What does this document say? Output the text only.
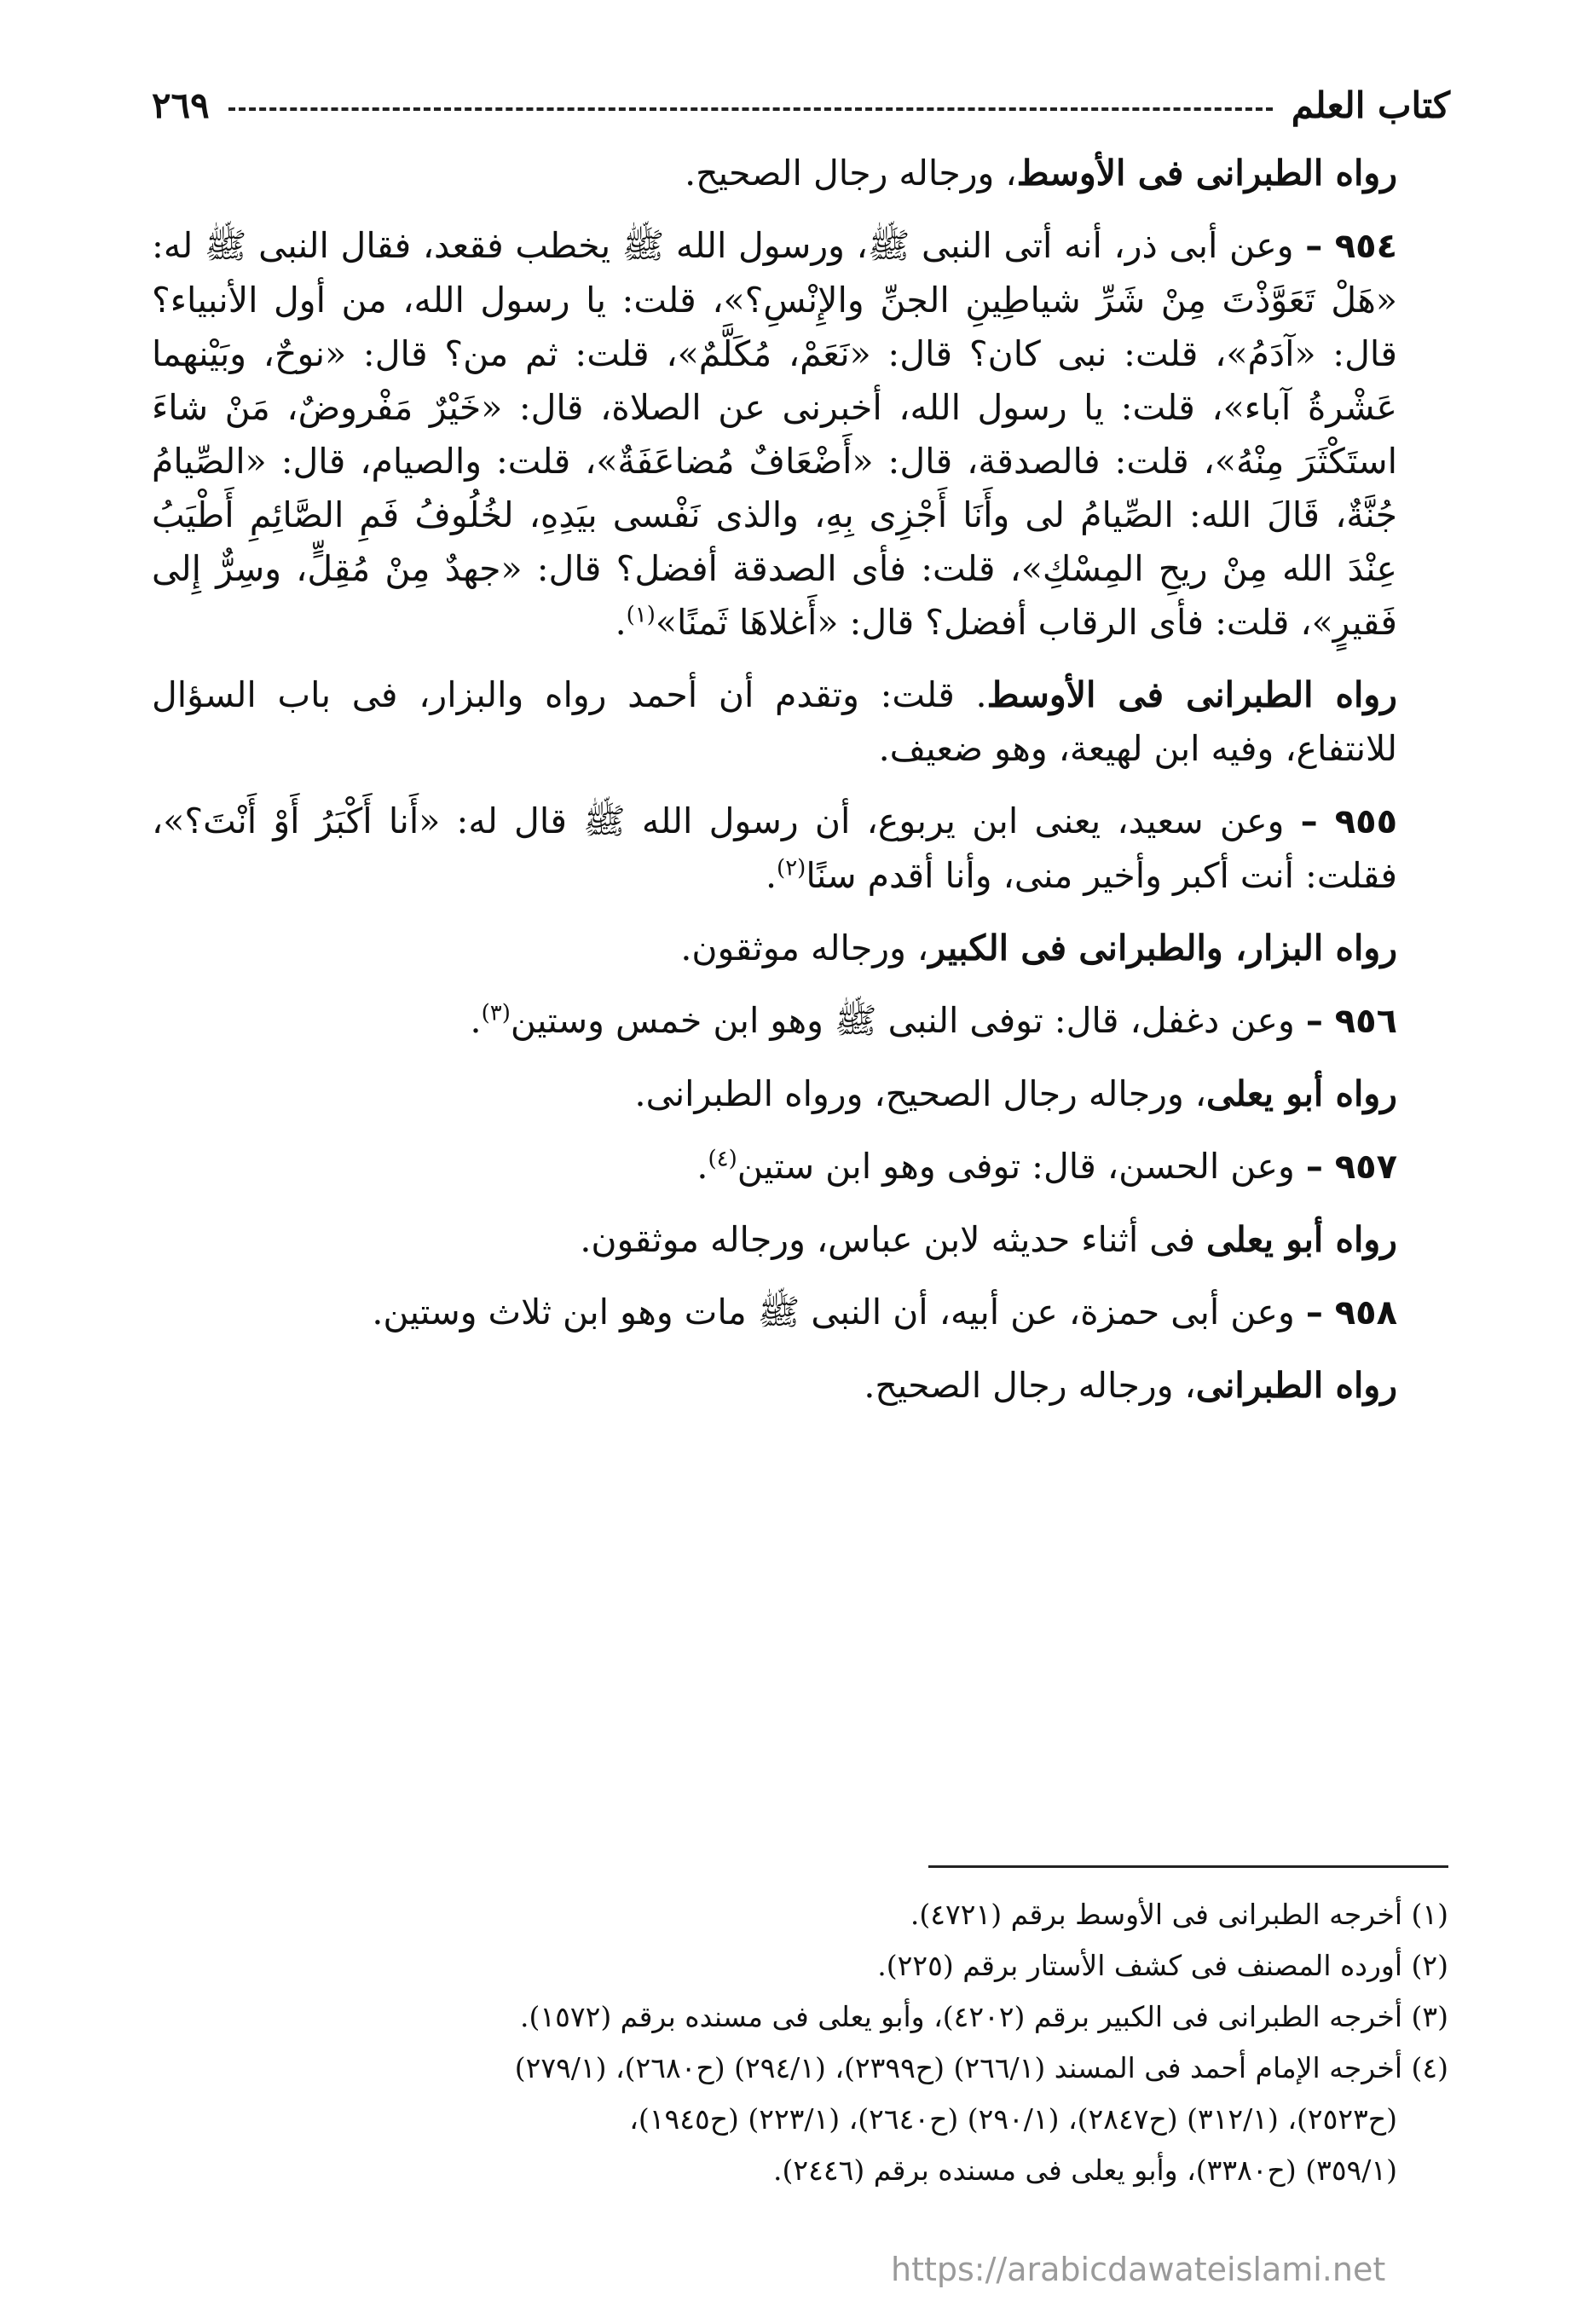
كتاب العلم
٢٦٩

رواه الطبرانى فى الأوسط، ورجاله رجال الصحيح.

٩٥٤ – وعن أبى ذر، أنه أتى النبى ﷺ، ورسول الله ﷺ يخطب فقعد، فقال النبى ﷺ له: «هَلْ تَعَوَّذْتَ مِنْ شَرِّ شياطِينِ الجنِّ والإِنْسِ؟»، قلت: يا رسول الله، من أول الأنبياء؟ قال: «آدَمُ»، قلت: نبى كان؟ قال: «نَعَمْ، مُكَلَّمٌ»، قلت: ثم من؟ قال: «نوحٌ، وبَيْنهما عَشْرةُ آباء»، قلت: يا رسول الله، أخبرنى عن الصلاة، قال: «خَيْرٌ مَفْروضٌ، مَنْ شاءَ استَكْثَرَ مِنْهُ»، قلت: فالصدقة، قال: «أَضْعَافٌ مُضاعَفَةٌ»، قلت: والصيام، قال: «الصِّيامُ جُنَّةٌ، قَالَ الله: الصِّيامُ لى وأَنَا أَجْزِى بِهِ، والذى نَفْسى بيَدِهِ، لخُلُوفُ فَمِ الصَّائِمِ أَطْيَبُ عِنْدَ الله مِنْ ريحِ المِسْكِ»، قلت: فأى الصدقة أفضل؟ قال: «جهدٌ مِنْ مُقِلٍّ، وسِرٌّ إِلى فَقيرٍ»، قلت: فأى الرقاب أفضل؟ قال: «أَغلاهَا ثَمنًا»$^{(١)}$.

رواه الطبرانى فى الأوسط. قلت: وتقدم أن أحمد رواه والبزار، فى باب السؤال للانتفاع، وفيه ابن لهيعة، وهو ضعيف.

٩٥٥ – وعن سعيد، يعنى ابن يربوع، أن رسول الله ﷺ قال له: «أَنا أَكْبَرُ أَوْ أَنْتَ؟»، فقلت: أنت أكبر وأخير منى، وأنا أقدم سنًا$^{(٢)}$.

رواه البزار، والطبرانى فى الكبير، ورجاله موثقون.

٩٥٦ – وعن دغفل، قال: توفى النبى ﷺ وهو ابن خمس وستين$^{(٣)}$.

رواه أبو يعلى، ورجاله رجال الصحيح، ورواه الطبرانى.

٩٥٧ – وعن الحسن، قال: توفى وهو ابن ستين$^{(٤)}$.

رواه أبو يعلى فى أثناء حديثه لابن عباس، ورجاله موثقون.

٩٥٨ – وعن أبى حمزة، عن أبيه، أن النبى ﷺ مات وهو ابن ثلاث وستين.

رواه الطبرانى، ورجاله رجال الصحيح.

(١) أخرجه الطبرانى فى الأوسط برقم (٤٧٢١).

(٢) أورده المصنف فى كشف الأستار برقم (٢٢٥).

(٣) أخرجه الطبرانى فى الكبير برقم (٤٢٠٢)، وأبو يعلى فى مسنده برقم (١٥٧٢).

(٤) أخرجه الإمام أحمد فى المسند (٢٦٦/١) (ح٢٣٩٩)، (٢٩٤/١) (ح٢٦٨٠)، (٢٧٩/١)

(ح٢٥٢٣)، (٣١٢/١) (ح٢٨٤٧)، (٢٩٠/١) (ح٢٦٤٠)، (٢٢٣/١) (ح١٩٤٥)،

(٣٥٩/١) (ح٣٣٨٠)، وأبو يعلى فى مسنده برقم (٢٤٤٦).

https://arabicdawateislami.net
